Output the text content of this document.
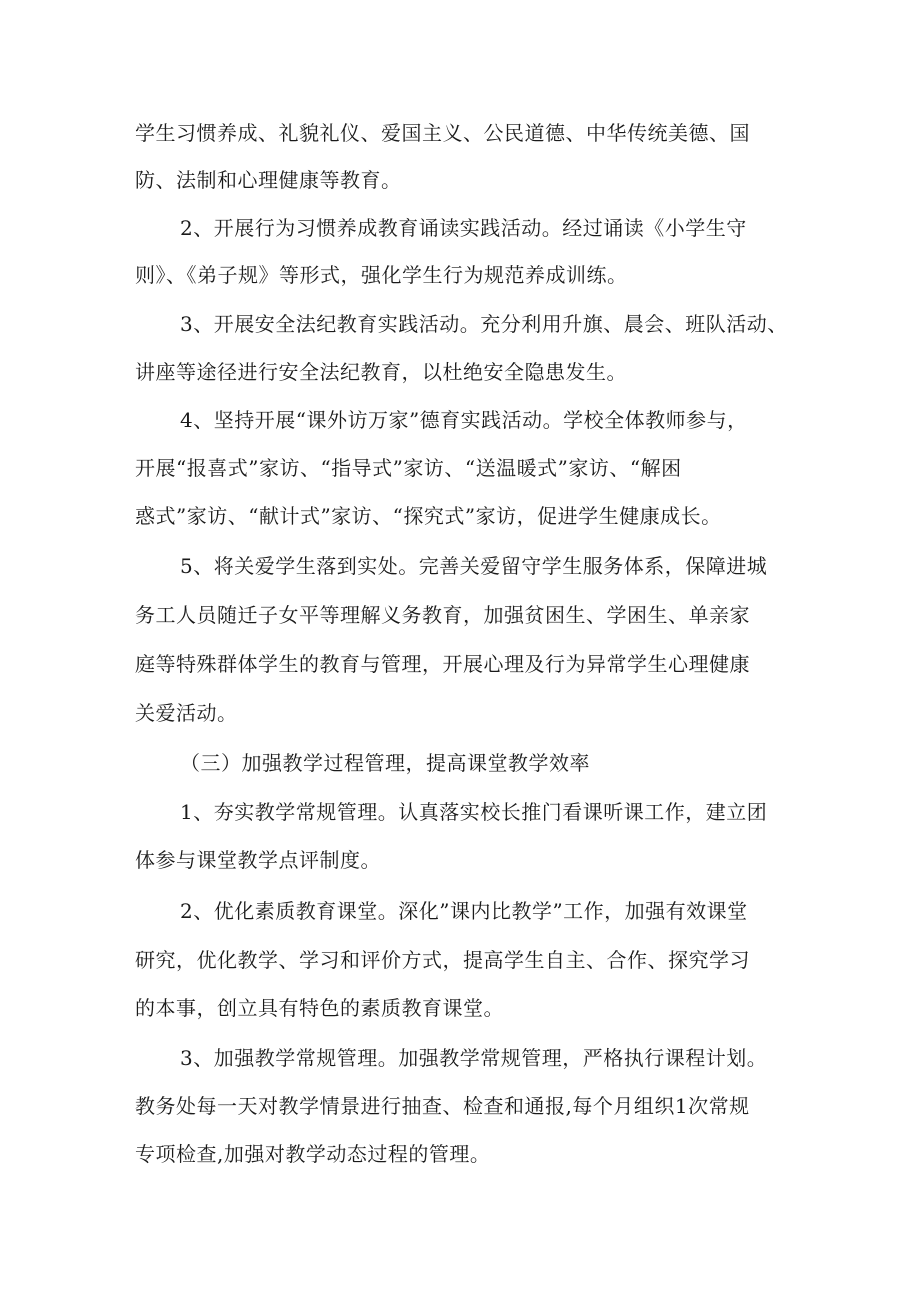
学生习惯养成、礼貌礼仪、爱国主义、公民道德、中华传统美德、国
防、法制和心理健康等教育。
2、开展行为习惯养成教育诵读实践活动。经过诵读《小学生守
则》、《弟子规》等形式，强化学生行为规范养成训练。
3、开展安全法纪教育实践活动。充分利用升旗、晨会、班队活动、
讲座等途径进行安全法纪教育，以杜绝安全隐患发生。
4、坚持开展“课外访万家”德育实践活动。学校全体教师参与，
开展“报喜式”家访、“指导式”家访、“送温暖式”家访、“解困
惑式”家访、“献计式”家访、“探究式”家访，促进学生健康成长。
5、将关爱学生落到实处。完善关爱留守学生服务体系，保障进城
务工人员随迁子女平等理解义务教育，加强贫困生、学困生、单亲家
庭等特殊群体学生的教育与管理，开展心理及行为异常学生心理健康
关爱活动。
（三）加强教学过程管理，提高课堂教学效率
1、夯实教学常规管理。认真落实校长推门看课听课工作，建立团
体参与课堂教学点评制度。
2、优化素质教育课堂。深化”课内比教学”工作，加强有效课堂
研究，优化教学、学习和评价方式，提高学生自主、合作、探究学习
的本事，创立具有特色的素质教育课堂。
3、加强教学常规管理。加强教学常规管理，严格执行课程计划。
教务处每一天对教学情景进行抽查、检查和通报,每个月组织1次常规
专项检查,加强对教学动态过程的管理。
